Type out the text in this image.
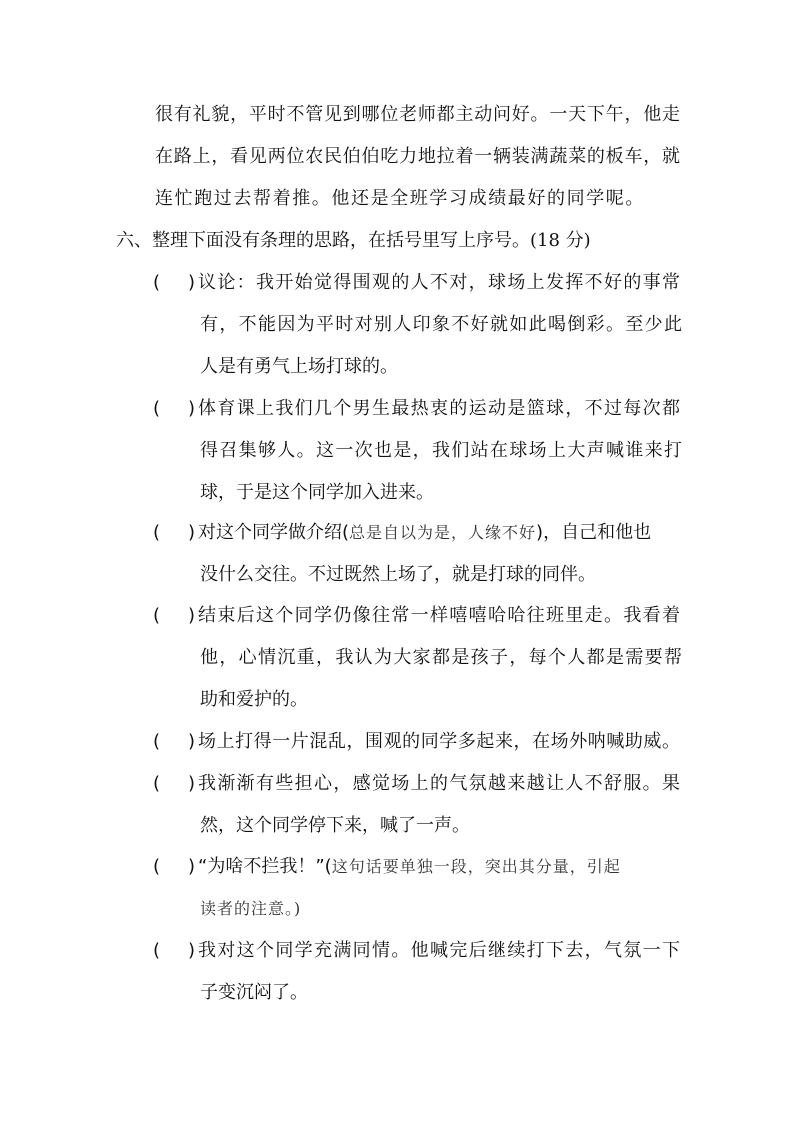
很有礼貌，平时不管见到哪位老师都主动问好。一天下午，他走
在路上，看见两位农民伯伯吃力地拉着一辆装满蔬菜的板车，就
连忙跑过去帮着推。他还是全班学习成绩最好的同学呢。
六、整理下面没有条理的思路，在括号里写上序号。(18 分)
( ) 议论：我开始觉得围观的人不对，球场上发挥不好的事常
有，不能因为平时对别人印象不好就如此喝倒彩。至少此
人是有勇气上场打球的。
( ) 体育课上我们几个男生最热衷的运动是篮球，不过每次都
得召集够人。这一次也是，我们站在球场上大声喊谁来打
球，于是这个同学加入进来。
( ) 对这个同学做介绍(总是自以为是，人缘不好)，自己和他也
没什么交往。不过既然上场了，就是打球的同伴。
( ) 结束后这个同学仍像往常一样嘻嘻哈哈往班里走。我看着
他，心情沉重，我认为大家都是孩子，每个人都是需要帮
助和爱护的。
( ) 场上打得一片混乱，围观的同学多起来，在场外呐喊助威。
( ) 我渐渐有些担心，感觉场上的气氛越来越让人不舒服。果
然，这个同学停下来，喊了一声。
( ) “为啥不拦我！”(这句话要单独一段，突出其分量，引起
读者的注意。)
( ) 我对这个同学充满同情。他喊完后继续打下去，气氛一下
子变沉闷了。
